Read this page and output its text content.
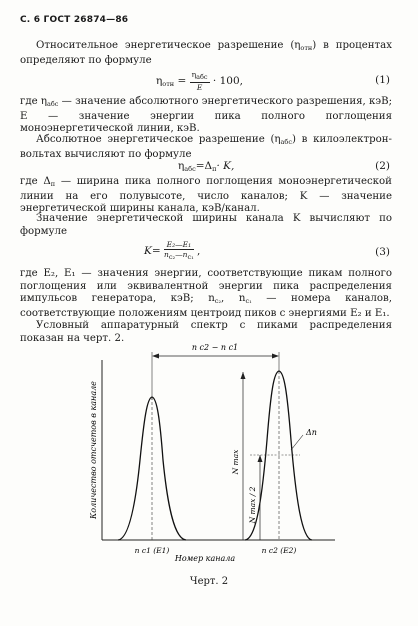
С. 6 ГОСТ 26874—86
Относительное энергетическое разрешение $(\eta_{отн})$ в процентах определяют по формуле
$\eta_{отн} = \frac{\text{ηабс}}{E} \cdot 100$,	(1)
где $\eta_{абс}$ — значение абсолютного энергетического разрешения, кэВ; E — значение энергии пика полного поглощения моноэнергетической линии, кэВ.
Абсолютное энергетическое разрешение $(\eta_{абс})$ в килоэлектрон-вольтах вычисляют по формуле
$\eta_{абс}=\Delta_п\cdot K$,	(2)
где $\Delta_п$ — ширина пика полного поглощения моноэнергетической линии на его полувысоте, число каналов; K — значение энергетической ширины канала, кэВ/канал.
Значение энергетической ширины канала K вычисляют по формуле
$K= \frac{\text{E₂—E₁}}{\text{nc₂—nc₁}}$ ,	(3)
где E₂, E₁ — значения энергии, соответствующие пикам полного поглощения или эквивалентной энергии пика распределения импульсов генератора, кэВ; $n_{c_2}$, $n_{c_1}$ — номера каналов, соответствующие положениям центроид пиков с энергиями E₂ и E₁.
Условный аппаратурный спектр с пиками распределения показан на черт. 2.
Количество отсчетов в канале
n c2 − n c1
N max
N max / 2
Δn
n c1 (E1)	n c2 (E2)
Номер канала
Черт. 2
